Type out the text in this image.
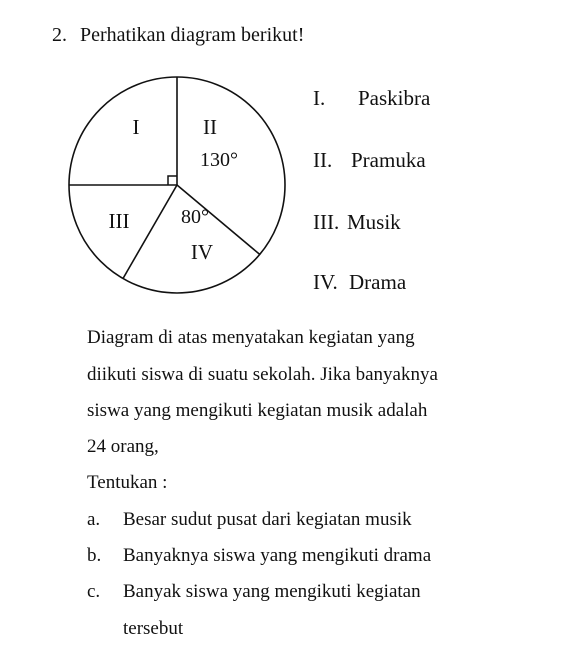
2. Perhatikan diagram berikut!
I	II
130°
III	80°
IV
I. Paskibra
II. Pramuka
III. Musik
IV. Drama
Diagram di atas menyatakan kegiatan yang
diikuti siswa di suatu sekolah. Jika banyaknya
siswa yang mengikuti kegiatan musik adalah
24 orang,
Tentukan :
a. Besar sudut pusat dari kegiatan musik
b. Banyaknya siswa yang mengikuti drama
c. Banyak siswa yang mengikuti kegiatan
tersebut
